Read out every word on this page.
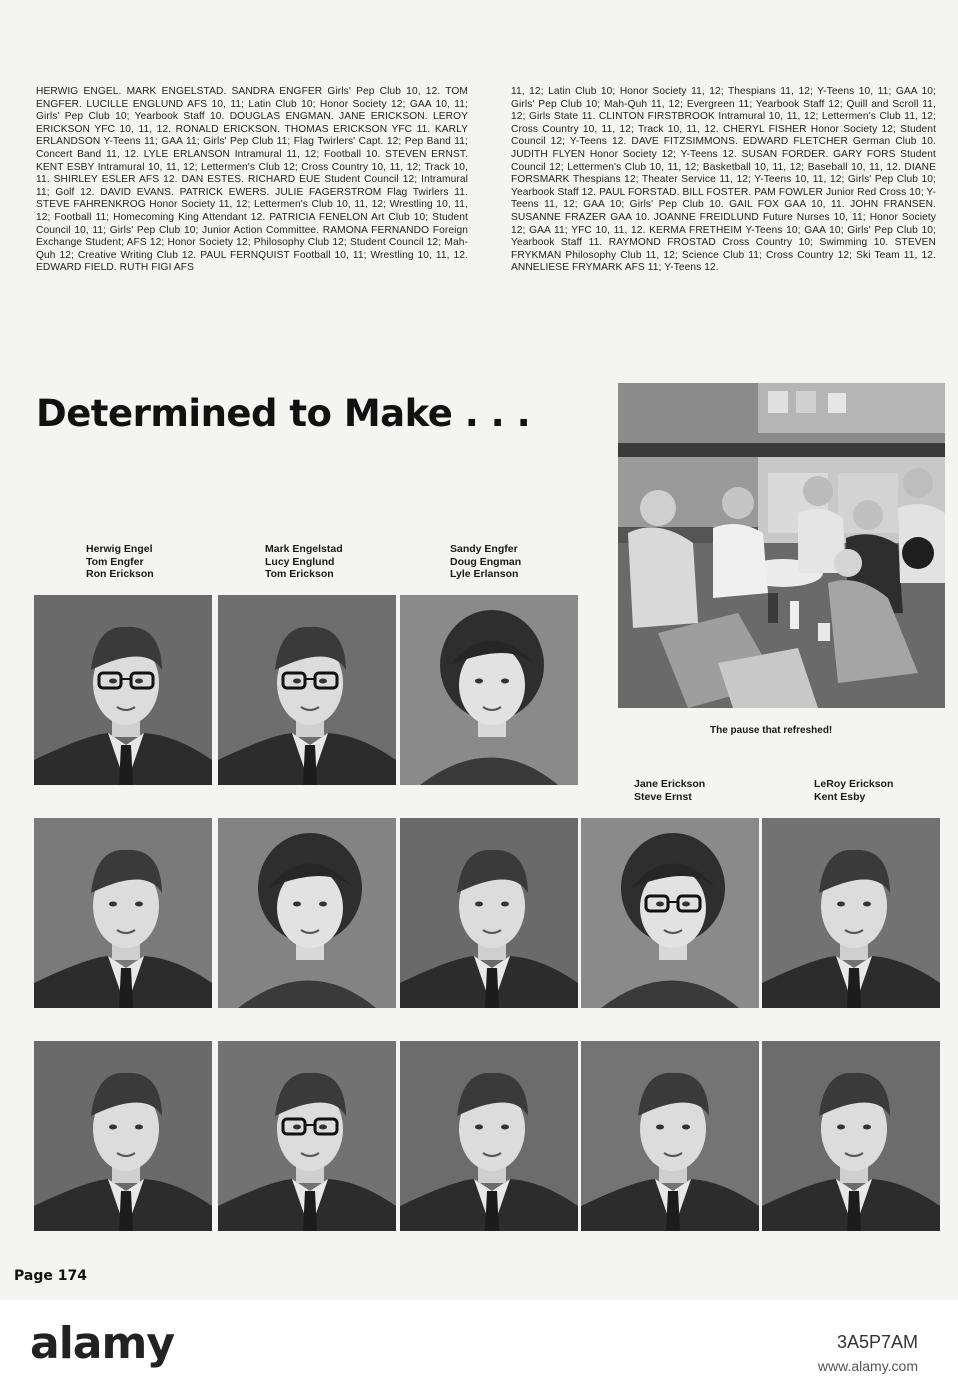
HERWIG ENGEL. MARK ENGELSTAD. SANDRA ENGFER Girls' Pep Club 10, 12. TOM ENGFER. LUCILLE ENGLUND AFS 10, 11; Latin Club 10; Honor Society 12; GAA 10, 11; Girls' Pep Club 10; Yearbook Staff 10. DOUGLAS ENGMAN. JANE ERICKSON. LEROY ERICKSON YFC 10, 11, 12. RONALD ERICKSON. THOMAS ERICKSON YFC 11. KARLY ERLANDSON Y-Teens 11; GAA 11; Girls' Pep Club 11; Flag Twirlers' Capt. 12; Pep Band 11; Concert Band 11, 12. LYLE ERLANSON Intramural 11, 12; Football 10. STEVEN ERNST. KENT ESBY Intramural 10, 11, 12; Lettermen's Club 12; Cross Country 10, 11, 12; Track 10, 11. SHIRLEY ESLER AFS 12. DAN ESTES. RICHARD EUE Student Council 12; Intramural 11; Golf 12. DAVID EVANS. PATRICK EWERS. JULIE FAGERSTROM Flag Twirlers 11. STEVE FAHRENKROG Honor Society 11, 12; Lettermen's Club 10, 11, 12; Wrestling 10, 11, 12; Football 11; Homecoming King Attendant 12. PATRICIA FENELON Art Club 10; Student Council 10, 11; Girls' Pep Club 10; Junior Action Committee. RAMONA FERNANDO Foreign Exchange Student; AFS 12; Honor Society 12; Philosophy Club 12; Student Council 12; Mah-Quh 12; Creative Writing Club 12. PAUL FERNQUIST Football 10, 11; Wrestling 10, 11, 12. EDWARD FIELD. RUTH FIGI AFS
11, 12; Latin Club 10; Honor Society 11, 12; Thespians 11, 12; Y-Teens 10, 11; GAA 10; Girls' Pep Club 10; Mah-Quh 11, 12; Evergreen 11; Yearbook Staff 12; Quill and Scroll 11, 12; Girls State 11. CLINTON FIRSTBROOK Intramural 10, 11, 12; Lettermen's Club 11, 12; Cross Country 10, 11, 12; Track 10, 11, 12. CHERYL FISHER Honor Society 12; Student Council 12; Y-Teens 12. DAVE FITZSIMMONS. EDWARD FLETCHER German Club 10. JUDITH FLYEN Honor Society 12; Y-Teens 12. SUSAN FORDER. GARY FORS Student Council 12; Lettermen's Club 10, 11, 12; Basketball 10, 11, 12; Baseball 10, 11, 12. DIANE FORSMARK Thespians 12; Theater Service 11, 12; Y-Teens 10, 11, 12; Girls' Pep Club 10; Yearbook Staff 12. PAUL FORSTAD. BILL FOSTER. PAM FOWLER Junior Red Cross 10; Y-Teens 11, 12; GAA 10; Girls' Pep Club 10. GAIL FOX GAA 10, 11. JOHN FRANSEN. SUSANNE FRAZER GAA 10. JOANNE FREIDLUND Future Nurses 10, 11; Honor Society 12; GAA 11; YFC 10, 11, 12. KERMA FRETHEIM Y-Teens 10; GAA 10; Girls' Pep Club 10; Yearbook Staff 11. RAYMOND FROSTAD Cross Country 10; Swimming 10. STEVEN FRYKMAN Philosophy Club 11, 12; Science Club 11; Cross Country 12; Ski Team 11, 12. ANNELIESE FRYMARK AFS 11; Y-Teens 12.
Determined to Make . . .
Herwig Engel
Tom Engfer
Ron Erickson
Mark Engelstad
Lucy Englund
Tom Erickson
Sandy Engfer
Doug Engman
Lyle Erlanson
Jane Erickson
Steve Ernst
LeRoy Erickson
Kent Esby
The pause that refreshed!
Page 174
alamy	3A5P7AM
www.alamy.com
